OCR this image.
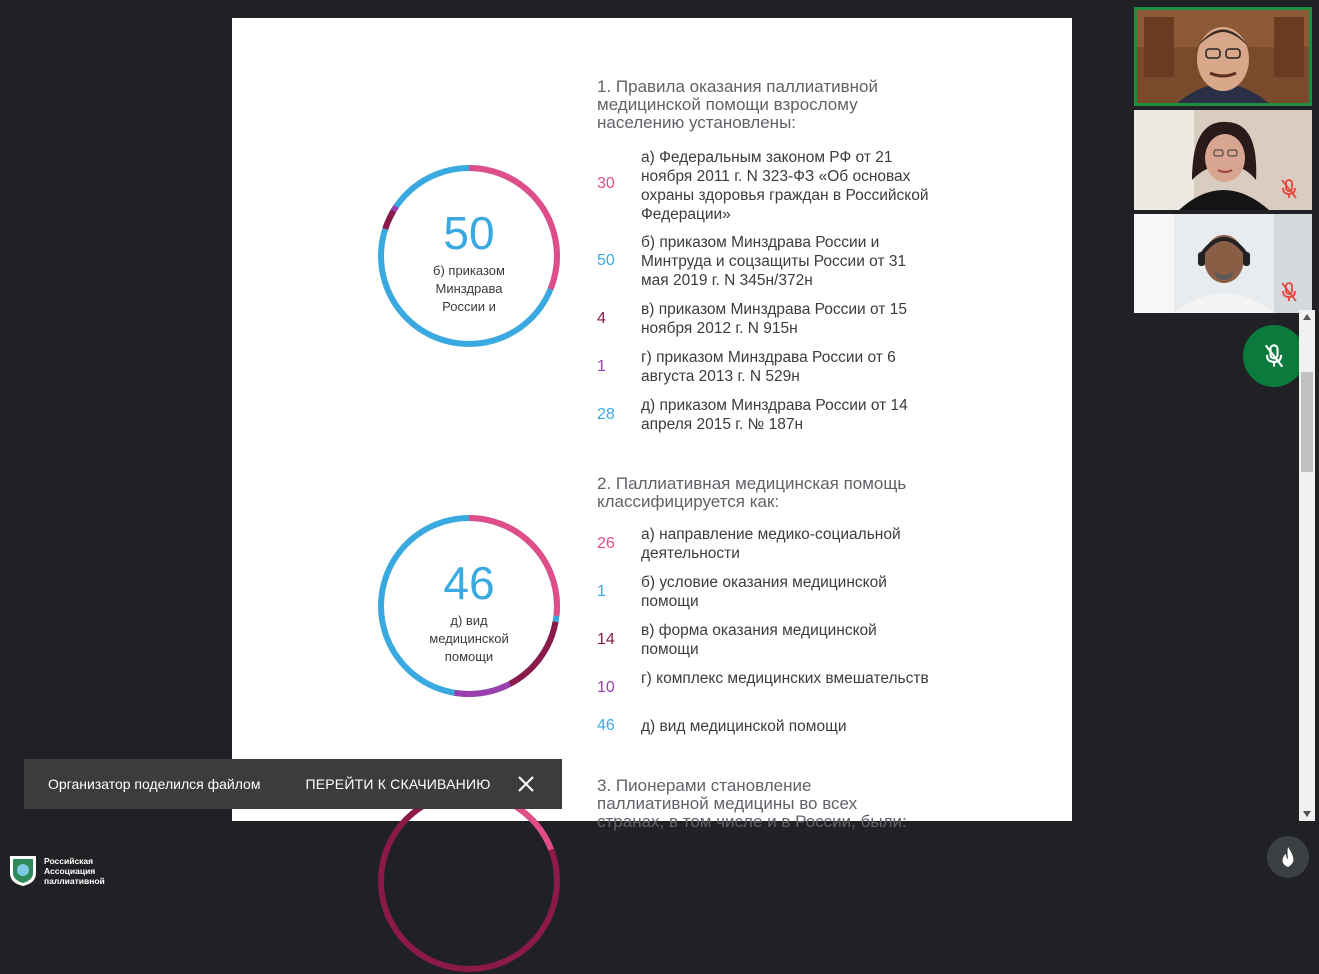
1. Правила оказания паллиативной медицинской помощи взрослому населению установлены:
50
б) приказом Минздрава России и
30
а) Федеральным законом РФ от 21 ноября 2011 г. N 323-ФЗ «Об основах охраны здоровья граждан в Российской Федерации»
50
б) приказом Минздрава России и Минтруда и соцзащиты России от 31 мая 2019 г. N 345н/372н
4
в) приказом Минздрава России от 15 ноября 2012 г. N 915н
1
г) приказом Минздрава России от 6 августа 2013 г. N 529н
28
д) приказом Минздрава России от 14 апреля 2015 г. № 187н
2. Паллиативная медицинская помощь классифицируется как:
46
д) вид медицинской помощи
26
а) направление медико-социальной деятельности
1
б) условие оказания медицинской помощи
14
в) форма оказания медицинской помощи
10
г) комплекс медицинских вмешательств
46	д) вид медицинской помощи
3. Пионерами становление паллиативной медицины во всех странах, в том числе и в России, были:
Организатор поделился файлом	ПЕРЕЙТИ К СКАЧИВАНИЮ
Российская
Ассоциация
паллиативной
